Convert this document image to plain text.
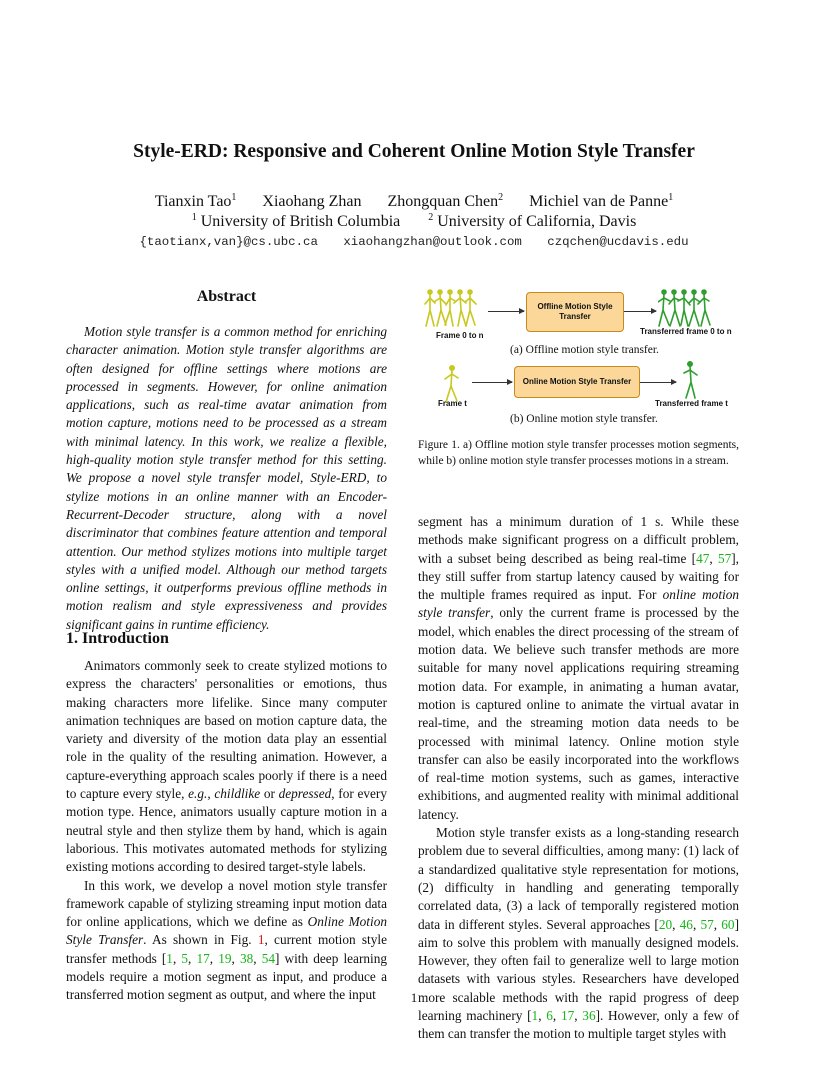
Style-ERD: Responsive and Coherent Online Motion Style Transfer
Tianxin Tao$^1$ Xiaohang Zhan Zhongquan Chen$^2$ Michiel van de Panne$^1$
$^1$ University of British Columbia	$^2$ University of California, Davis
{taotianx,van}@cs.ubc.ca xiaohangzhan@outlook.com czqchen@ucdavis.edu
Abstract

Motion style transfer is a common method for enriching character animation. Motion style transfer algorithms are often designed for offline settings where motions are processed in segments. However, for online animation applications, such as real-time avatar animation from motion capture, motions need to be processed as a stream with minimal latency. In this work, we realize a flexible, high-quality motion style transfer method for this setting. We propose a novel style transfer model, Style-ERD, to stylize motions in an online manner with an Encoder-Recurrent-Decoder structure, along with a novel discriminator that combines feature attention and temporal attention. Our method stylizes motions into multiple target styles with a unified model. Although our method targets online settings, it outperforms previous offline methods in motion realism and style expressiveness and provides significant gains in runtime efficiency.

1. Introduction

Animators commonly seek to create stylized motions to express the characters' personalities or emotions, thus making characters more lifelike. Since many computer animation techniques are based on motion capture data, the variety and diversity of the motion data play an essential role in the quality of the resulting animation. However, a capture-everything approach scales poorly if there is a need to capture every style, e.g., childlike or depressed, for every motion type. Hence, animators usually capture motion in a neutral style and then stylize them by hand, which is again laborious. This motivates automated methods for stylizing existing motions according to desired target-style labels.

In this work, we develop a novel motion style transfer framework capable of stylizing streaming input motion data for online applications, which we define as Online Motion Style Transfer. As shown in Fig. 1, current motion style transfer methods [1, 5, 17, 19, 38, 54] with deep learning models require a motion segment as input, and produce a transferred motion segment as output, and where the input

Frame 0 to n
Offline Motion Style Transfer
Transferred frame 0 to n
(a) Offline motion style transfer.
Frame t
Online Motion Style Transfer
Transferred frame t
(b) Online motion style transfer.
Figure 1. a) Offline motion style transfer processes motion segments, while b) online motion style transfer processes motions in a stream.

segment has a minimum duration of 1 s. While these methods make significant progress on a difficult problem, with a subset being described as being real-time [47, 57], they still suffer from startup latency caused by waiting for the multiple frames required as input. For online motion style transfer, only the current frame is processed by the model, which enables the direct processing of the stream of motion data. We believe such transfer methods are more suitable for many novel applications requiring streaming motion data. For example, in animating a human avatar, motion is captured online to animate the virtual avatar in real-time, and the streaming motion data needs to be processed with minimal latency. Online motion style transfer can also be easily incorporated into the workflows of real-time motion systems, such as games, interactive exhibitions, and augmented reality with minimal additional latency.

Motion style transfer exists as a long-standing research problem due to several difficulties, among many: (1) lack of a standardized qualitative style representation for motions, (2) difficulty in handling and generating temporally correlated data, (3) a lack of temporally registered motion data in different styles. Several approaches [20, 46, 57, 60] aim to solve this problem with manually designed models. However, they often fail to generalize well to large motion datasets with various styles. Researchers have developed more scalable methods with the rapid progress of deep learning machinery [1, 6, 17, 36]. However, only a few of them can transfer the motion to multiple target styles with

1
